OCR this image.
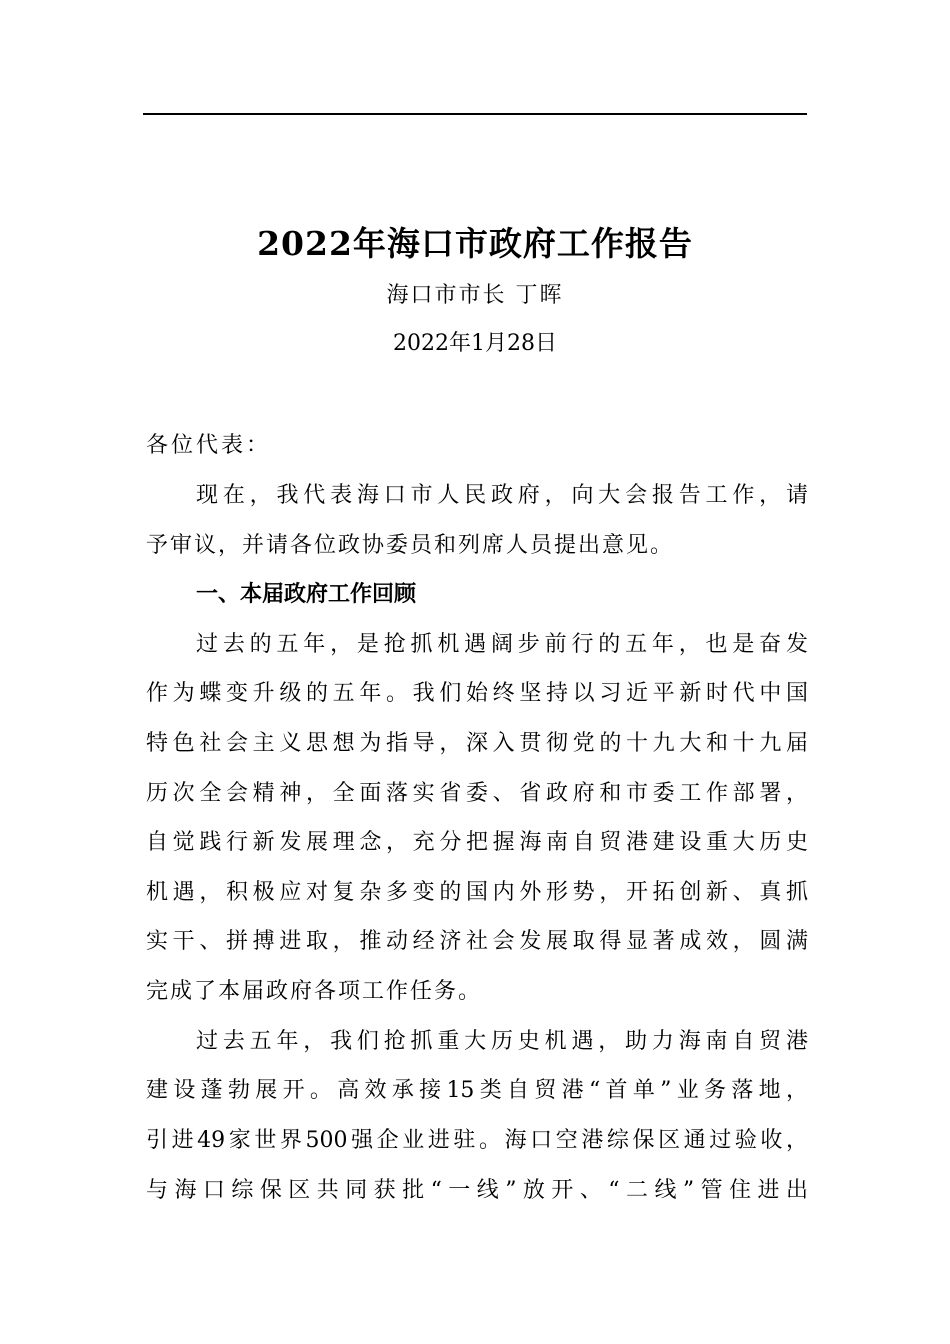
2022年海口市政府工作报告
海口市市长 丁晖
2022年1月28日
各位代表：
现在，我代表海口市人民政府，向大会报告工作，请
予审议，并请各位政协委员和列席人员提出意见。
一、本届政府工作回顾
过去的五年，是抢抓机遇阔步前行的五年，也是奋发
作为蝶变升级的五年。我们始终坚持以习近平新时代中国
特色社会主义思想为指导，深入贯彻党的十九大和十九届
历次全会精神，全面落实省委、省政府和市委工作部署，
自觉践行新发展理念，充分把握海南自贸港建设重大历史
机遇，积极应对复杂多变的国内外形势，开拓创新、真抓
实干、拼搏进取，推动经济社会发展取得显著成效，圆满
完成了本届政府各项工作任务。
过去五年，我们抢抓重大历史机遇，助力海南自贸港
建设蓬勃展开。高效承接15类自贸港“首单”业务落地，
引进49家世界500强企业进驻。海口空港综保区通过验收，
与海口综保区共同获批“一线”放开、“二线”管住进出
